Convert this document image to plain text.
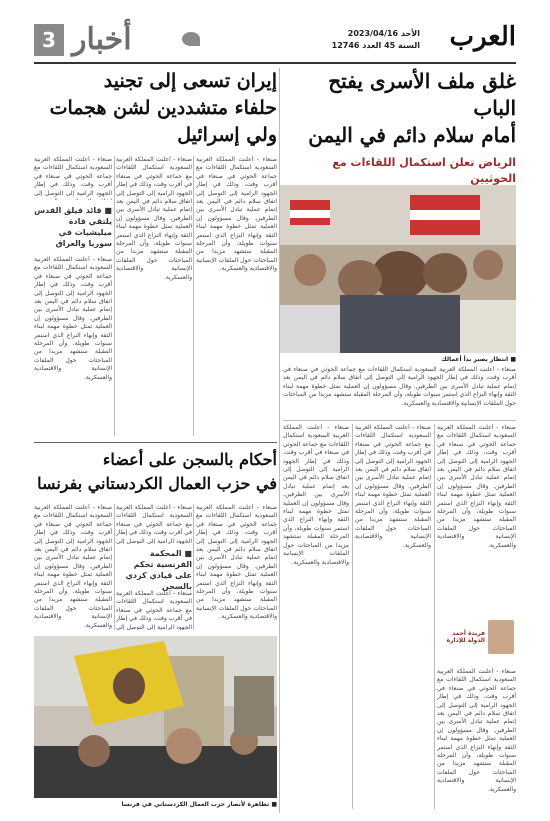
3 أخبار	العرب
الأحد 2023/04/16
السنة 45 العدد 12746
غلق ملف الأسرى يفتح الباب
أمام سلام دائم في اليمن
الرياض تعلن استكمال اللقاءات مع الحوثيين
■ انتظار بصبر بدأ أعمالك
صنعاء - أعلنت المملكة العربية السعودية استكمال اللقاءات مع جماعة الحوثي في صنعاء في أقرب وقت، وذلك في إطار الجهود الرامية إلى التوصل إلى اتفاق سلام دائم في اليمن بعد إتمام عملية تبادل الأسرى بين الطرفين. وقال مسؤولون إن العملية تمثل خطوة مهمة لبناء الثقة وإنهاء النزاع الذي استمر سنوات طويلة، وأن المرحلة المقبلة ستشهد مزيدا من المباحثات حول الملفات الإنسانية والاقتصادية والعسكرية.
صنعاء - أعلنت المملكة العربية السعودية استكمال اللقاءات مع جماعة الحوثي في صنعاء في أقرب وقت، وذلك في إطار الجهود الرامية إلى التوصل إلى اتفاق سلام دائم في اليمن بعد إتمام عملية تبادل الأسرى بين الطرفين. وقال مسؤولون إن العملية تمثل خطوة مهمة لبناء الثقة وإنهاء النزاع الذي استمر سنوات طويلة، وأن المرحلة المقبلة ستشهد مزيدا من المباحثات حول الملفات الإنسانية والاقتصادية والعسكرية.
صنعاء - أعلنت المملكة العربية السعودية استكمال اللقاءات مع جماعة الحوثي في صنعاء في أقرب وقت، وذلك في إطار الجهود الرامية إلى التوصل إلى اتفاق سلام دائم في اليمن بعد إتمام عملية تبادل الأسرى بين الطرفين. وقال مسؤولون إن العملية تمثل خطوة مهمة لبناء الثقة وإنهاء النزاع الذي استمر سنوات طويلة، وأن المرحلة المقبلة ستشهد مزيدا من المباحثات حول الملفات الإنسانية والاقتصادية والعسكرية.
صنعاء - أعلنت المملكة العربية السعودية استكمال اللقاءات مع جماعة الحوثي في صنعاء في أقرب وقت، وذلك في إطار الجهود الرامية إلى التوصل إلى اتفاق سلام دائم في اليمن بعد إتمام عملية تبادل الأسرى بين الطرفين. وقال مسؤولون إن العملية تمثل خطوة مهمة لبناء الثقة وإنهاء النزاع الذي استمر سنوات طويلة، وأن المرحلة المقبلة ستشهد مزيدا من المباحثات حول الملفات الإنسانية والاقتصادية والعسكرية.
صنعاء - أعلنت المملكة العربية السعودية استكمال اللقاءات مع جماعة الحوثي في صنعاء في أقرب وقت، وذلك في إطار الجهود الرامية إلى التوصل إلى اتفاق سلام دائم في اليمن بعد إتمام عملية تبادل الأسرى بين الطرفين. وقال مسؤولون إن العملية تمثل خطوة مهمة لبناء الثقة وإنهاء النزاع الذي استمر سنوات طويلة، وأن المرحلة المقبلة ستشهد مزيدا من المباحثات حول الملفات الإنسانية والاقتصادية والعسكرية.
فريدة أحمد الدولة للإدارة
إيران تسعى إلى تجنيد
حلفاء متشددين لشن هجمات
ولي إسرائيل
صنعاء - أعلنت المملكة العربية السعودية استكمال اللقاءات مع جماعة الحوثي في صنعاء في أقرب وقت، وذلك في إطار الجهود الرامية إلى التوصل إلى اتفاق سلام دائم في اليمن بعد إتمام عملية تبادل الأسرى بين الطرفين. وقال مسؤولون إن العملية تمثل خطوة مهمة لبناء الثقة وإنهاء النزاع الذي استمر سنوات طويلة، وأن المرحلة المقبلة ستشهد مزيدا من المباحثات حول الملفات الإنسانية والاقتصادية والعسكرية.
صنعاء - أعلنت المملكة العربية السعودية استكمال اللقاءات مع جماعة الحوثي في صنعاء في أقرب وقت، وذلك في إطار الجهود الرامية إلى التوصل إلى اتفاق سلام دائم في اليمن بعد إتمام عملية تبادل الأسرى بين الطرفين. وقال مسؤولون إن العملية تمثل خطوة مهمة لبناء الثقة وإنهاء النزاع الذي استمر سنوات طويلة، وأن المرحلة المقبلة ستشهد مزيدا من المباحثات حول الملفات الإنسانية والاقتصادية والعسكرية.
صنعاء - أعلنت المملكة العربية السعودية استكمال اللقاءات مع جماعة الحوثي في صنعاء في أقرب وقت، وذلك في إطار الجهود الرامية إلى التوصل إلى
■ قائد فيلق القدس يلتقي قادة ميليشيات في سوريا والعراق
صنعاء - أعلنت المملكة العربية السعودية استكمال اللقاءات مع جماعة الحوثي في صنعاء في أقرب وقت، وذلك في إطار الجهود الرامية إلى التوصل إلى اتفاق سلام دائم في اليمن بعد إتمام عملية تبادل الأسرى بين الطرفين. وقال مسؤولون إن العملية تمثل خطوة مهمة لبناء الثقة وإنهاء النزاع الذي استمر سنوات طويلة، وأن المرحلة المقبلة ستشهد مزيدا من المباحثات حول الملفات الإنسانية والاقتصادية والعسكرية.
أحكام بالسجن على أعضاء
في حزب العمال الكردستاني بفرنسا
صنعاء - أعلنت المملكة العربية السعودية استكمال اللقاءات مع جماعة الحوثي في صنعاء في أقرب وقت، وذلك في إطار الجهود الرامية إلى التوصل إلى اتفاق سلام دائم في اليمن بعد إتمام عملية تبادل الأسرى بين الطرفين. وقال مسؤولون إن العملية تمثل خطوة مهمة لبناء الثقة وإنهاء النزاع الذي استمر سنوات طويلة، وأن المرحلة المقبلة ستشهد مزيدا من المباحثات حول الملفات الإنسانية والاقتصادية والعسكرية.
صنعاء - أعلنت المملكة العربية السعودية استكمال اللقاءات مع جماعة الحوثي في صنعاء في أقرب وقت، وذلك في إطار الجهود الرامية إلى التوصل إلى
■ المحكمة الفرنسية تحكم على قيادي كردي بالسجن
صنعاء - أعلنت المملكة العربية السعودية استكمال اللقاءات مع جماعة الحوثي في صنعاء في أقرب وقت، وذلك في إطار الجهود الرامية إلى التوصل إلى
صنعاء - أعلنت المملكة العربية السعودية استكمال اللقاءات مع جماعة الحوثي في صنعاء في أقرب وقت، وذلك في إطار الجهود الرامية إلى التوصل إلى اتفاق سلام دائم في اليمن بعد إتمام عملية تبادل الأسرى بين الطرفين. وقال مسؤولون إن العملية تمثل خطوة مهمة لبناء الثقة وإنهاء النزاع الذي استمر سنوات طويلة، وأن المرحلة المقبلة ستشهد مزيدا من المباحثات حول الملفات الإنسانية والاقتصادية والعسكرية.
■ تظاهرة لأنصار حزب العمال الكردستاني في فرنسا
